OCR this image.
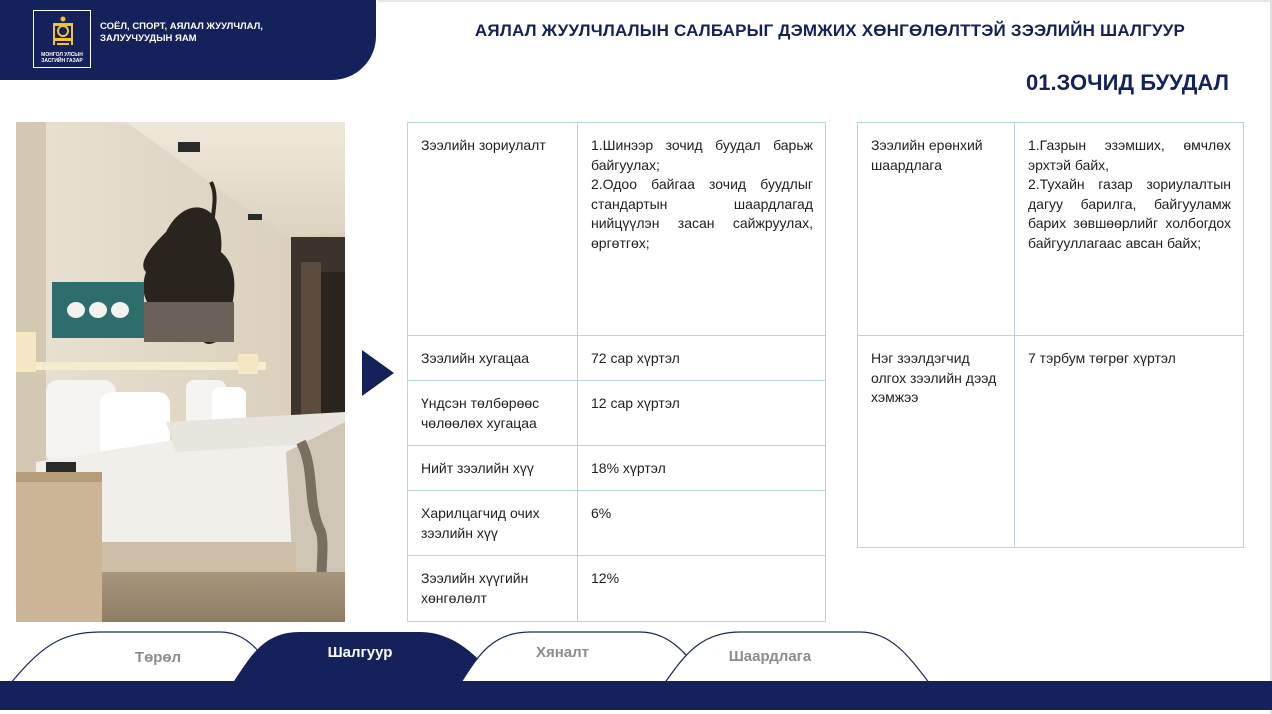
МОНГОЛ УЛСЫН ЗАСГИЙН ГАЗАР
СОЁЛ, СПОРТ, АЯЛАЛ ЖУУЛЧЛАЛ, ЗАЛУУЧУУДЫН ЯАМ	АЯЛАЛ ЖУУЛЧЛАЛЫН САЛБАРЫГ ДЭМЖИХ ХӨНГӨЛӨЛТТЭЙ ЗЭЭЛИЙН ШАЛГУУР
01.ЗОЧИД БУУДАЛ
Зээлийн зориулалт	1.Шинээр зочид буудал барьж байгуулах;
2.Одоо байгаа зочид буудлыг стандартын шаардлагад нийцүүлэн засан сайжруулах, өргөтгөх;

Зээлийн хугацаа	72 сар хүртэл
Үндсэн төлбөрөөс чөлөөлөх хугацаа	12 сар хүртэл
Нийт зээлийн хүү	18% хүртэл
Харилцагчид очих зээлийн хүү	6%
Зээлийн хүүгийн хөнгөлөлт	12%
Зээлийн ерөнхий шаардлага	1.Газрын эзэмших, өмчлөх эрхтэй байх,
2.Тухайн газар зориулалтын дагуу барилга, байгууламж барих зөвшөөрлийг холбогдох байгууллагаас авсан байх;

Нэг зээлдэгчид олгох зээлийн дээд хэмжээ	7 тэрбум төгрөг хүртэл
Төрөл	Шалгуур	Хяналт	Шаардлага
